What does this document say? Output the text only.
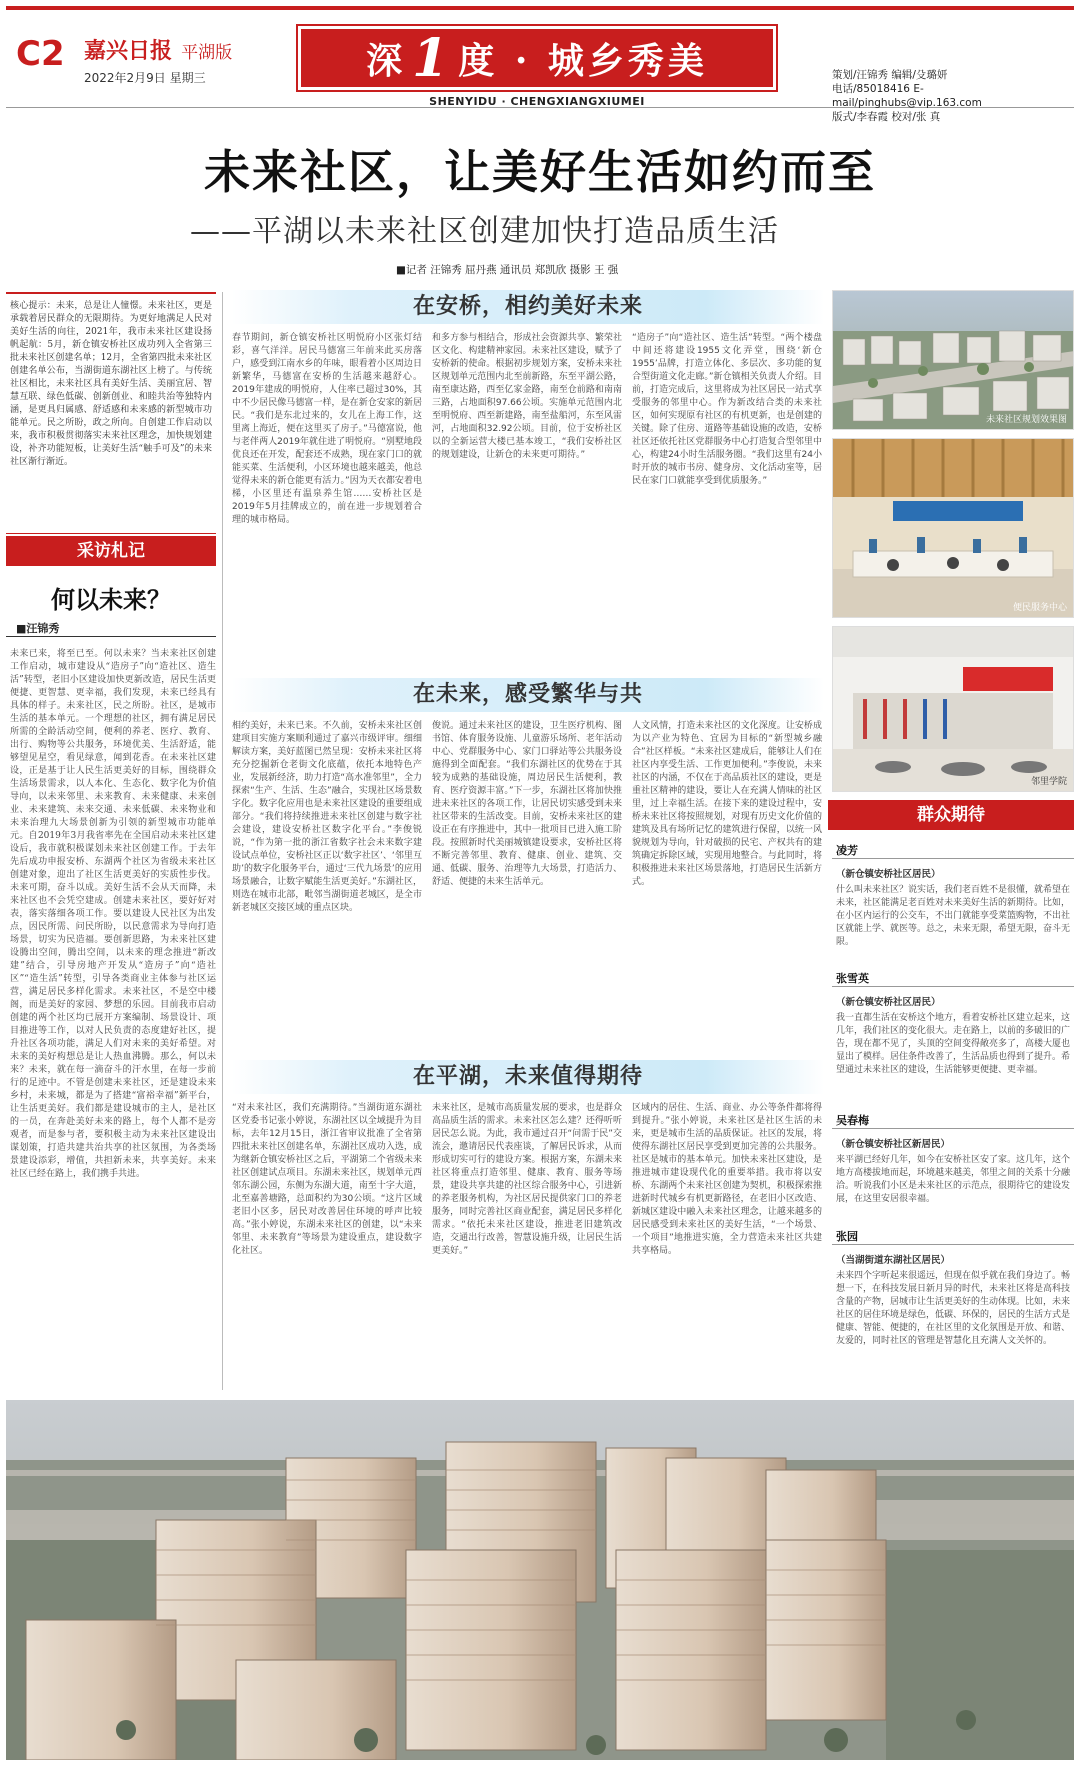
C2 嘉兴日报 平湖版
2022年2月9日 星期三	深 1 度 · 城乡秀美
SHENYIDU · CHENGXIANGXIUMEI
策划/汪锦秀 编辑/殳璐妍
电话/85018416 E-mail/pinghubs@vip.163.com
版式/李春霞 校对/张 真
未来社区，让美好生活如约而至
——平湖以未来社区创建加快打造品质生活
■记者 汪锦秀 屈丹燕 通讯员 郑凯欣 摄影 王 强
核心提示：未来，总是让人憧憬。未来社区，更是承载着居民群众的无限期待。为更好地满足人民对美好生活的向往，2021年，我市未来社区建设扬帆起航：5月，新仓镇安桥社区成功列入全省第三批未来社区创建名单；12月，全省第四批未来社区创建名单公布，当湖街道东湖社区上榜了。与传统社区相比，未来社区具有美好生活、美丽宜居、智慧互联、绿色低碳、创新创业、和睦共治等独特内涵，是更具归属感、舒适感和未来感的新型城市功能单元。民之所盼，政之所向。自创建工作启动以来，我市积极贯彻落实未来社区理念，加快规划建设，补齐功能短板，让美好生活“触手可及”的未来社区渐行渐近。
采访札记
何以未来？
■汪锦秀
未来已来，将至已至。何以未来？当未来社区创建工作启动，城市建设从“造房子”向“造社区、造生活”转型，老旧小区建设加快更新改造，居民生活更便捷、更智慧、更幸福，我们发现，未来已经具有具体的样子。未来社区，民之所盼。社区，是城市生活的基本单元。一个理想的社区，拥有满足居民所需的全龄活动空间，便利的养老、医疗、教育、出行、购物等公共服务，环境优美、生活舒适，能够望见星空，看见绿意，闻到花香。在未来社区建设，正是基于让人民生活更美好的目标，围绕群众生活场景需求，以人本化、生态化、数字化为价值导向，以未来邻里、未来教育、未来健康、未来创业、未来建筑、未来交通、未来低碳、未来物业和未来治理九大场景创新为引领的新型城市功能单元。自2019年3月我省率先在全国启动未来社区建设后，我市就积极谋划未来社区创建工作。于去年先后成功申报安桥、东湖两个社区为省级未来社区创建对象，迎出了社区生活更美好的实质性步伐。未来可期，奋斗以成。美好生活不会从天而降，未来社区也不会凭空建成。创建未来社区，要好好对表，落实落细各项工作。要以建设人民社区为出发点，因民所需、问民所盼，以民意需求为导向打造场景，切实为民造福。要创新思路，为未来社区建设腾出空间，腾出空间，以未来的理念推进“新改建”结合，引导房地产开发从“造房子”向“造社区”“造生活”转型，引导各类商业主体参与社区运营，满足居民多样化需求。未来社区，不是空中楼阁，而是美好的家园、梦想的乐园。目前我市启动创建的两个社区均已展开方案编制、场景设计、项目推进等工作，以对人民负责的态度建好社区，提升社区各项功能，满足人们对未来的美好希望。对未来的美好构想总是让人热血沸腾。那么，何以未来？未来，就在每一滴奋斗的汗水里，在每一步前行的足迹中。不管是创建未来社区，还是建设未来乡村，未来城，都是为了搭建“富裕幸福”新平台，让生活更美好。我们都是建设城市的主人，是社区的一员，在奔赴美好未来的路上，每个人都不是旁观者，而是参与者，要积极主动为未来社区建设出谋划策，打造共建共治共享的社区氛围，为各类场景建设添彩，增值，共担新未来，共享美好。未来社区已经在路上，我们携手共进。
在安桥，相约美好未来
春节期间，新仓镇安桥社区明悦府小区张灯结彩，喜气洋洋。居民马德富三年前来此买房落户，感受到江南水乡的年味，眼看着小区周边日新繁华，马德富在安桥的生活越来越舒心。2019年建成的明悦府，人住率已超过30%，其中不少居民像马德富一样，是在新仓安家的新居民。“我们是东北过来的，女儿在上海工作，这里离上海近，便在这里买了房子。”马德富说，他与老伴两人2019年就住进了明悦府。“别墅地段优良还在开发，配套还不成熟，现在家门口的就能买菜、生活便利，小区环境也越来越美，他总觉得未来的新仓能更有活力。”因为天衣都安着电梯，小区里还有温泉养生馆……安桥社区是2019年5月挂牌成立的，前在进一步规划着合理的城市格局。
和多方参与相结合，形成社会资源共享、繁荣社区文化、构建精神家园。未来社区建设，赋予了安桥新的使命。根据初步规划方案，安桥未来社区规划单元范围内北至前新路，东至平湖公路，南至康达路，西至亿家金路，南至仓前路和南南三路，占地面积97.66公顷。实施单元范围内北至明悦府、西至新建路，南至盐船河，东至风雷河，占地面积32.92公顷。目前，位于安桥社区以的全新运营大楼已基本竣工，“我们安桥社区的规划建设，让新仓的未来更可期待。”
“造房子”向“造社区、造生活”转型。“两个楼盘中间还将建设1955文化弄堂，围绕‘新仓1955’品牌，打造立体化、多层次、多功能的复合型街道文化走廊。”新仓镇相关负责人介绍。目前，打造完成后，这里将成为社区居民一站式享受服务的邻里中心。作为新改结合类的未来社区，如何实现原有社区的有机更新，也是创建的关键。除了住房、道路等基础设施的改造，安桥社区还依托社区党群服务中心打造复合型邻里中心，构建24小时生活服务圈。“我们这里有24小时开放的城市书房、健身房、文化活动室等，居民在家门口就能享受到优质服务。”
在未来，感受繁华与共
相约美好，未来已来。不久前，安桥未来社区创建项目实施方案顺利通过了嘉兴市级评审。细细解读方案，美好蓝图已然呈现：安桥未来社区将充分挖掘新仓老街文化底蕴，依托本地特色产业，发展新经济，助力打造“高水准邻里”，全力探索“生产、生活、生态”融合，实现社区场景数字化。数字化应用也是未来社区建设的重要组成部分。“我们将持续推进未来社区创建与数字社会建设，建设安桥社区数字化平台。”李俊锐说，“作为第一批的浙江省数字社会未来数字建设试点单位，安桥社区正以‘数字社区’、‘邻里互助’的数字化服务平台，通过‘三代九场景’的应用场景融合，让数字赋能生活更美好。”东湖社区，则选在城市北部，毗邻当湖街道老城区，是全市新老城区交接区域的重点区块。
俊说。通过未来社区的建设，卫生医疗机构、图书馆、体育服务设施、儿童游乐场所、老年活动中心、党群服务中心、家门口驿站等公共服务设施得到全面配套。“我们东湖社区的优势在于其较为成熟的基础设施，周边居民生活便利，教育、医疗资源丰富。”下一步，东湖社区将加快推进未来社区的各项工作，让居民切实感受到未来社区带来的生活改变。目前，安桥未来社区的建设正在有序推进中，其中一批项目已进入施工阶段。按照新时代美丽城镇建设要求，安桥社区将不断完善邻里、教育、健康、创业、建筑、交通、低碳、服务、治理等九大场景，打造活力、舒适、便捷的未来生活单元。
人文风情，打造未来社区的文化深度。让安桥成为以产业为特色、宜居为目标的“新型城乡融合”社区样板。“未来社区建成后，能够让人们在社区内享受生活、工作更加便利。”李俊说，未来社区的内涵，不仅在于高品质社区的建设，更是重社区精神的建设，要让人在充满人情味的社区里，过上幸福生活。在接下来的建设过程中，安桥未来社区将按照规划，对现有历史文化价值的建筑及具有场所记忆的建筑进行保留，以统一风貌规划为导向，针对破损的民宅、产权共有的建筑确定拆除区域，实现用地整合。与此同时，将积极推进未来社区场景落地，打造居民生活新方式。
在平湖，未来值得期待
“对未来社区，我们充满期待。”当湖街道东湖社区党委书记张小婷说，东湖社区以全域提升为目标，去年12月15日，浙江省审议批准了全省第四批未来社区创建名单，东湖社区成功入选，成为继新仓镇安桥社区之后，平湖第二个省级未来社区创建试点项目。东湖未来社区，规划单元西邻东湖公园，东侧为东湖大道，南至十字大道，北至嘉善塘路，总面积约为30公顷。“这片区域老旧小区多，居民对改善居住环境的呼声比较高。”张小婷说，东湖未来社区的创建，以“未来邻里、未来教育”等场景为建设重点，建设数字化社区。
未来社区，是城市高质量发展的要求，也是群众高品质生活的需求。未来社区怎么建？还得听听居民怎么说。为此，我市通过召开“问需于民”交流会，邀请居民代表座谈，了解居民诉求，从而形成切实可行的建设方案。根据方案，东湖未来社区将重点打造邻里、健康、教育、服务等场景，建设共享共建的社区综合服务中心，引进新的养老服务机构，为社区居民提供家门口的养老服务，同时完善社区商业配套，满足居民多样化需求。“依托未来社区建设，推进老旧建筑改造，交通出行改善，智慧设施升级，让居民生活更美好。”
区域内的居住、生活、商业、办公等条件都将得到提升。”张小婷说，未来社区是社区生活的未来，更是城市生活的品质保证。社区的发展，将使得东湖社区居民享受到更加完善的公共服务。社区是城市的基本单元。加快未来社区建设，是推进城市建设现代化的重要举措。我市将以安桥、东湖两个未来社区创建为契机，积极探索推进新时代城乡有机更新路径，在老旧小区改造、新城区建设中融入未来社区理念，让越来越多的居民感受到未来社区的美好生活，“一个场景、一个项目”地推进实施，全力营造未来社区共建共享格局。
未来社区规划效果图
便民服务中心
邻里学院
群众期待
凌芳
（新仓镇安桥社区居民）
什么叫未来社区？说实话，我们老百姓不是很懂，就希望在未来，社区能满足老百姓对未来美好生活的新期待。比如，在小区内运行的公交车，不出门就能享受菜篮购物，不出社区就能上学、就医等。总之，未来无限，希望无限，奋斗无限。
张雪英
（新仓镇安桥社区居民）
我一直都生活在安桥这个地方，看着安桥社区建立起来，这几年，我们社区的变化很大。走在路上，以前的多破旧的广告，现在都不见了，头顶的空间变得敞亮多了，高楼大厦也显出了模样。居住条件改善了，生活品质也得到了提升。希望通过未来社区的建设，生活能够更便捷、更幸福。
吴春梅
（新仓镇安桥社区新居民）
来平湖已经好几年，如今在安桥社区安了家。这几年，这个地方高楼拔地而起，环境越来越美，邻里之间的关系十分融洽。听说我们小区是未来社区的示范点，很期待它的建设发展，在这里安居很幸福。
张园
（当湖街道东湖社区居民）
未来四个字听起来很遥远，但现在似乎就在我们身边了。畅想一下，在科技发展日新月异的时代，未来社区将是高科技含量的产物，居城市让生活更美好的生动体现。比如，未来社区的居住环境是绿色，低碳、环保的，居民的生活方式是健康、智能、便捷的，在社区里的文化氛围是开放、和谐、友爱的，同时社区的管理是智慧化且充满人文关怀的。
